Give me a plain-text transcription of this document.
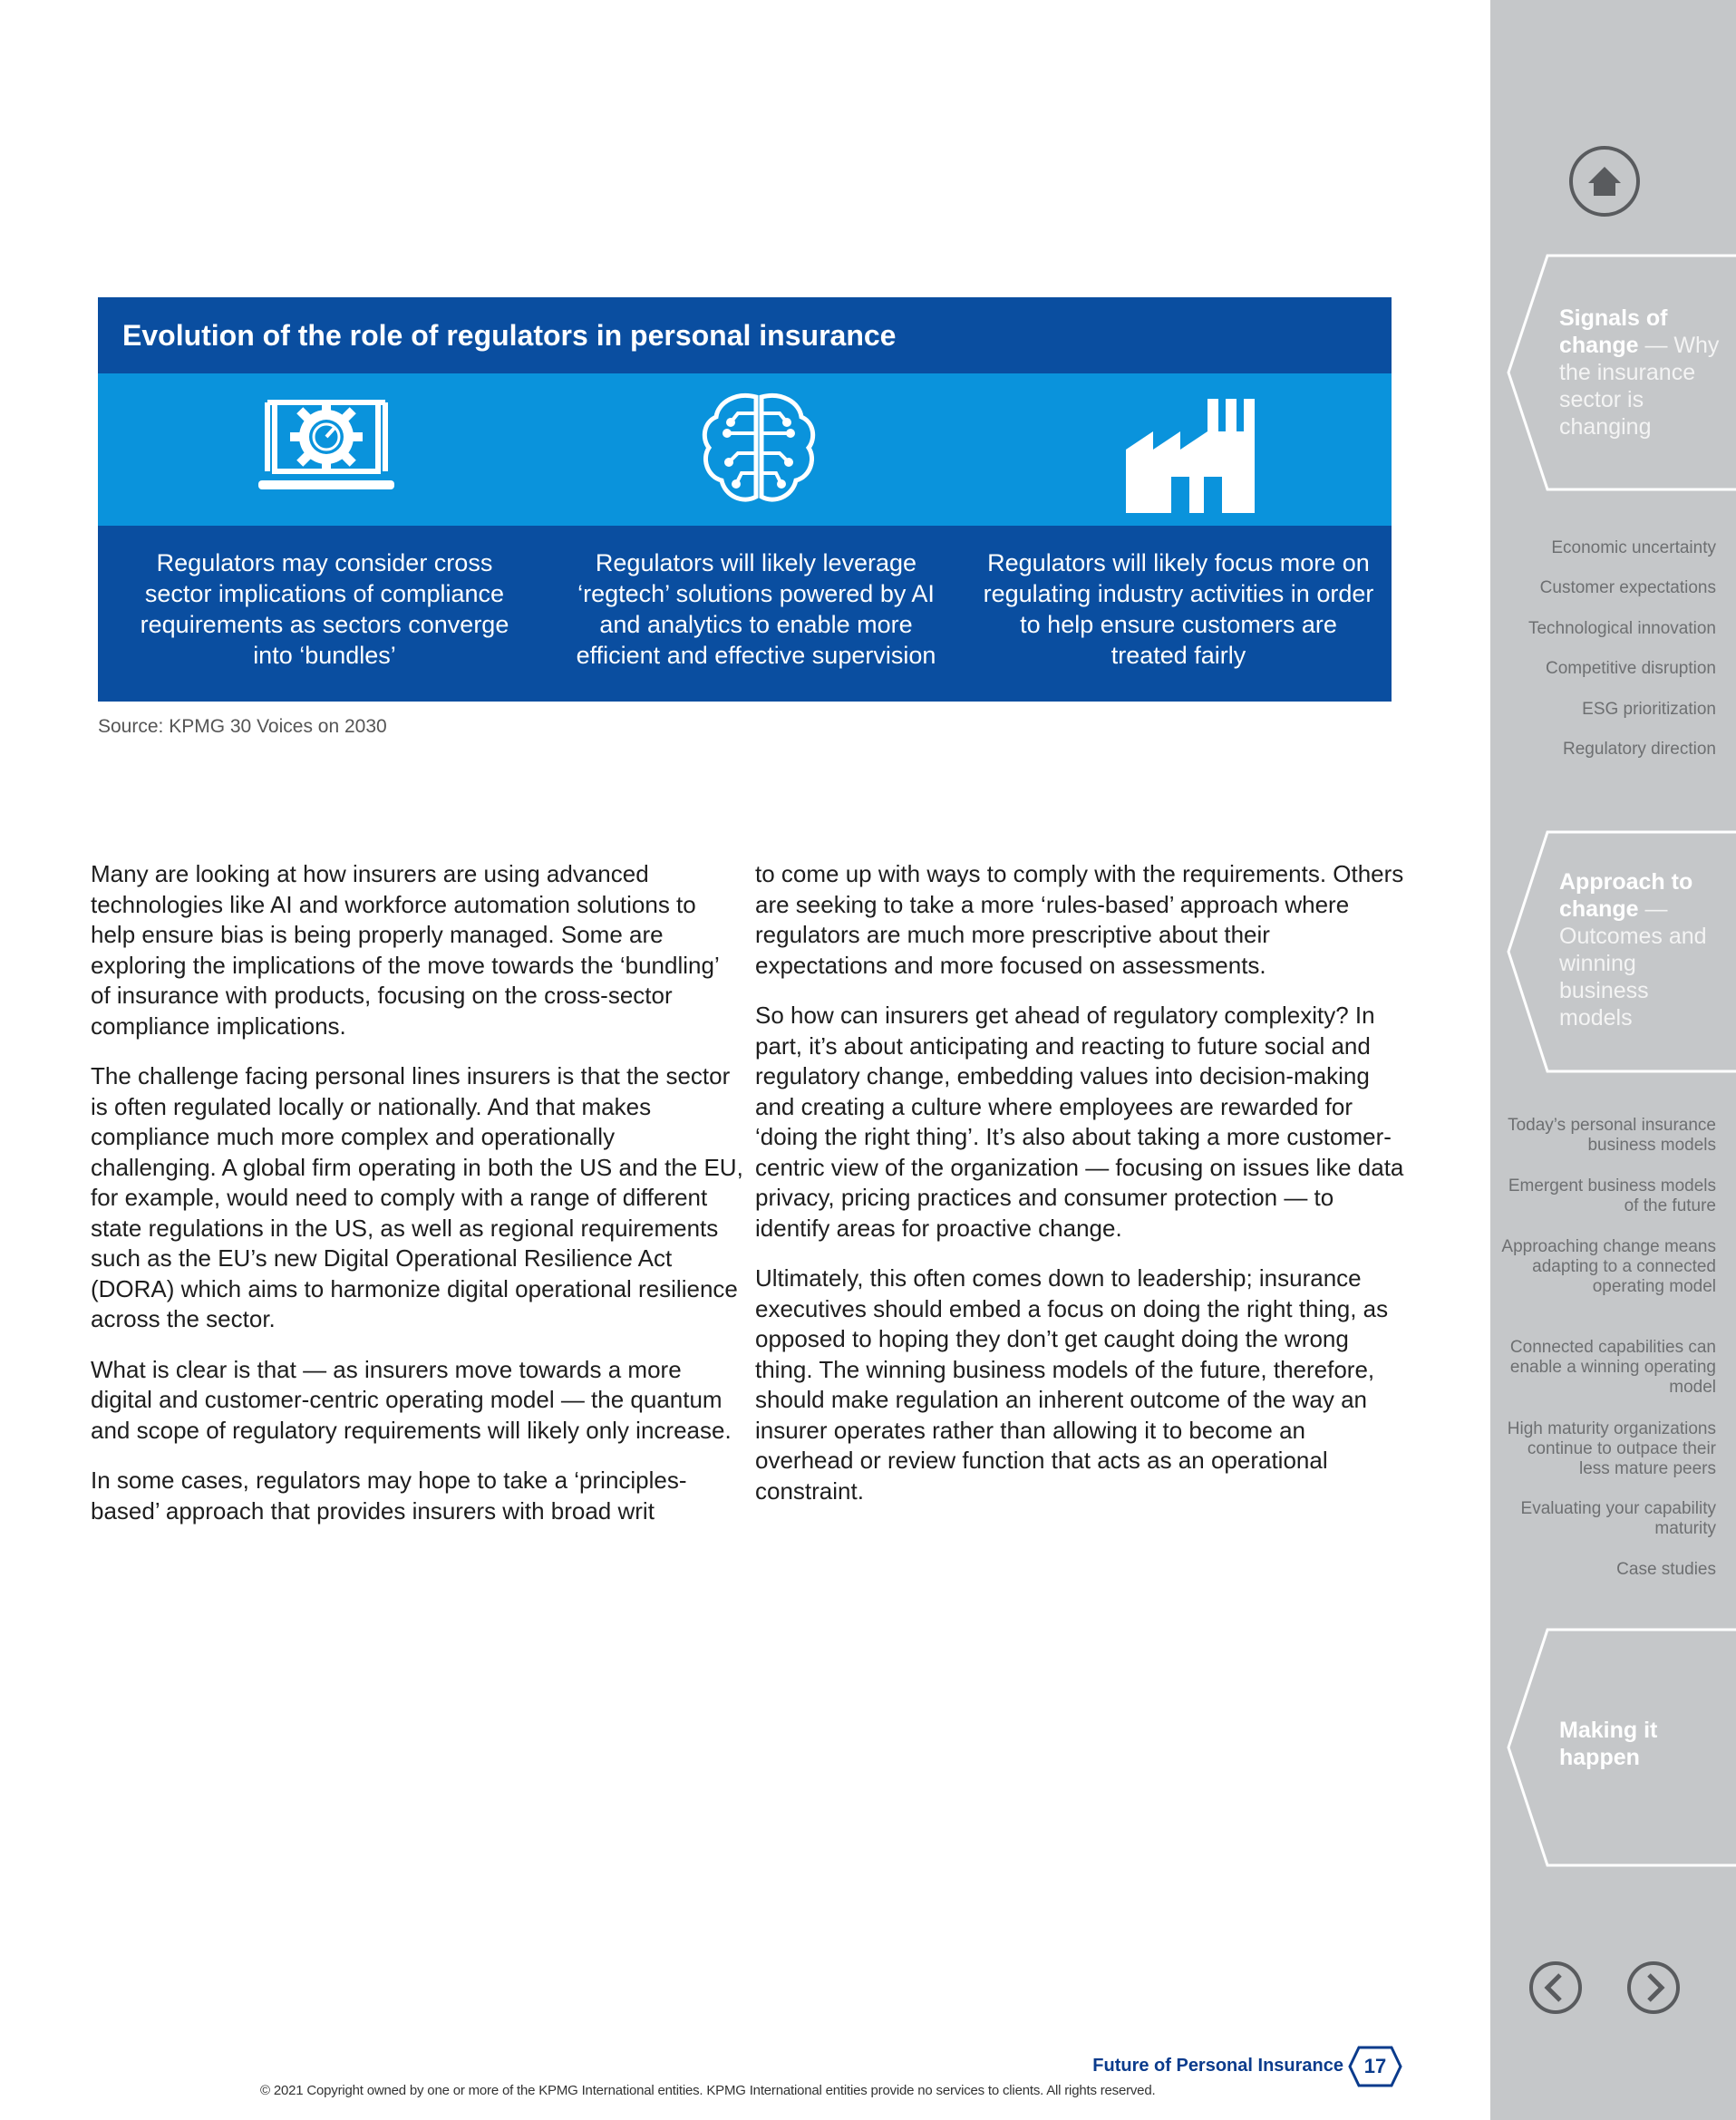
Evolution of the role of regulators in personal insurance
Regulators may consider cross sector implications of compliance requirements as sectors converge into ‘bundles’
Regulators will likely leverage ‘regtech’ solutions powered by AI and analytics to enable more efficient and effective supervision
Regulators will likely focus more on regulating industry activities in order to help ensure customers are treated fairly
Source: KPMG 30 Voices on 2030

Many are looking at how insurers are using advanced technologies like AI and workforce automation solutions to help ensure bias is being properly managed. Some are exploring the implications of the move towards the ‘bundling’ of insurance with products, focusing on the cross-sector compliance implications.

The challenge facing personal lines insurers is that the sector is often regulated locally or nationally. And that makes compliance much more complex and operationally challenging. A global firm operating in both the US and the EU, for example, would need to comply with a range of different state regulations in the US, as well as regional requirements such as the EU’s new Digital Operational Resilience Act (DORA) which aims to harmonize digital operational resilience across the sector.

What is clear is that — as insurers move towards a more digital and customer-centric operating model — the quantum and scope of regulatory requirements will likely only increase.

In some cases, regulators may hope to take a ‘principles-based’ approach that provides insurers with broad writ

to come up with ways to comply with the requirements. Others are seeking to take a more ‘rules-based’ approach where regulators are much more prescriptive about their expectations and more focused on assessments.

So how can insurers get ahead of regulatory complexity? In part, it’s about anticipating and reacting to future social and regulatory change, embedding values into decision-making and creating a culture where employees are rewarded for ‘doing the right thing’. It’s also about taking a more customer-centric view of the organization — focusing on issues like data privacy, pricing practices and consumer protection — to identify areas for proactive change.

Ultimately, this often comes down to leadership; insurance executives should embed a focus on doing the right thing, as opposed to hoping they don’t get caught doing the wrong thing. The winning business models of the future, therefore, should make regulation an inherent outcome of the way an insurer operates rather than allowing it to become an overhead or review function that acts as an operational constraint.

Future of Personal Insurance	17
© 2021 Copyright owned by one or more of the KPMG International entities. KPMG International entities provide no services to clients. All rights reserved.
Signals of change — Why the insurance sector is changing
Economic uncertainty
Customer expectations
Technological innovation
Competitive disruption
ESG prioritization
Regulatory direction
Approach to change — Outcomes and winning business models
Today’s personal insurance business models
Emergent business models of the future
Approaching change means adapting to a connected operating model
Connected capabilities can enable a winning operating model
High maturity organizations continue to outpace their less mature peers
Evaluating your capability maturity
Case studies
Making it happen
